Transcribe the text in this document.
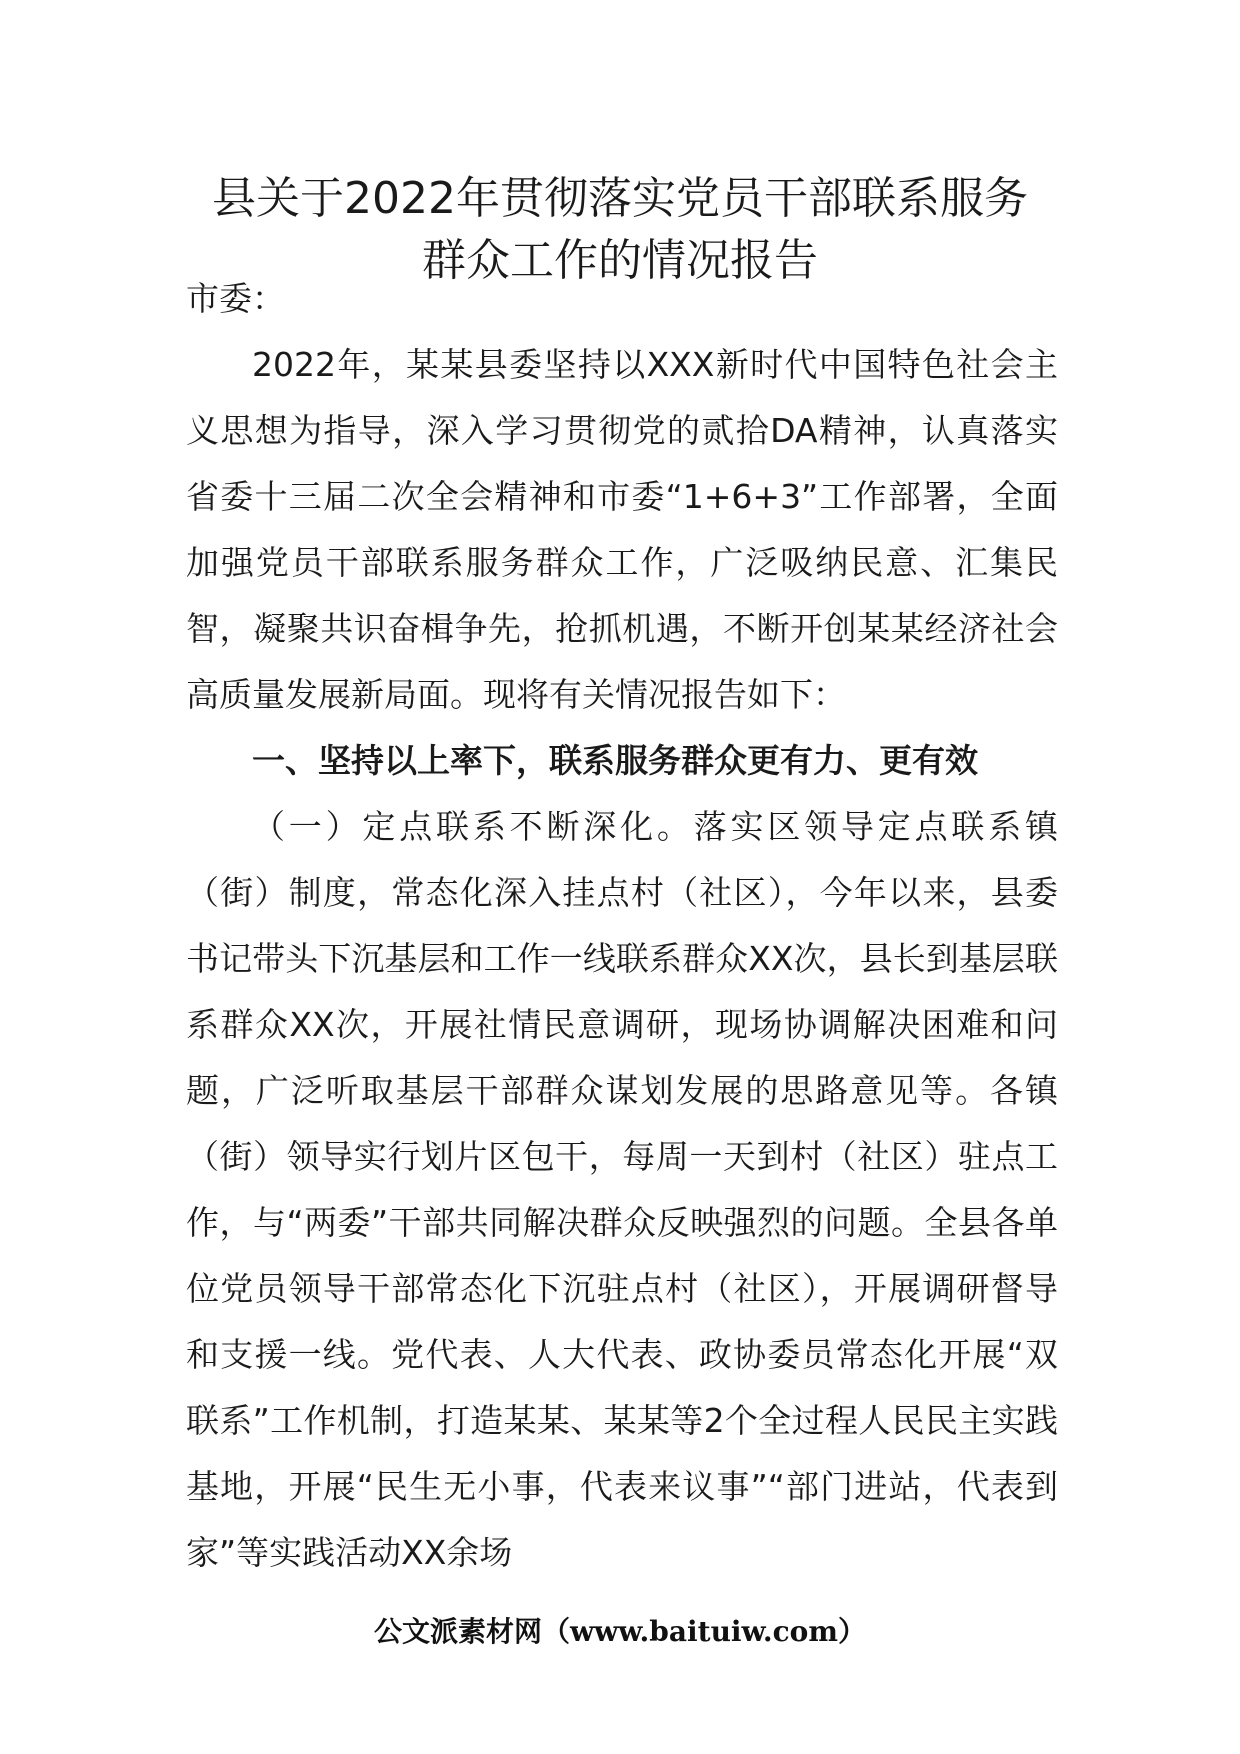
县关于2022年贯彻落实党员干部联系服务
群众工作的情况报告

市委：

2022年，某某县委坚持以XXX新时代中国特色社会主义思想为指导，深入学习贯彻党的贰拾DA精神，认真落实省委十三届二次全会精神和市委“1+6+3”工作部署，全面加强党员干部联系服务群众工作，广泛吸纳民意、汇集民智，凝聚共识奋楫争先，抢抓机遇，不断开创某某经济社会高质量发展新局面。现将有关情况报告如下：

一、坚持以上率下，联系服务群众更有力、更有效

（一）定点联系不断深化。落实区领导定点联系镇（街）制度，常态化深入挂点村（社区），今年以来，县委书记带头下沉基层和工作一线联系群众XX次，县长到基层联系群众XX次，开展社情民意调研，现场协调解决困难和问题，广泛听取基层干部群众谋划发展的思路意见等。各镇（街）领导实行划片区包干，每周一天到村（社区）驻点工作，与“两委”干部共同解决群众反映强烈的问题。全县各单位党员领导干部常态化下沉驻点村（社区），开展调研督导和支援一线。党代表、人大代表、政协委员常态化开展“双联系”工作机制，打造某某、某某等2个全过程人民民主实践基地，开展“民生无小事，代表来议事”“部门进站，代表到家”等实践活动XX余场

公文派素材网（www.baituiw.com）
